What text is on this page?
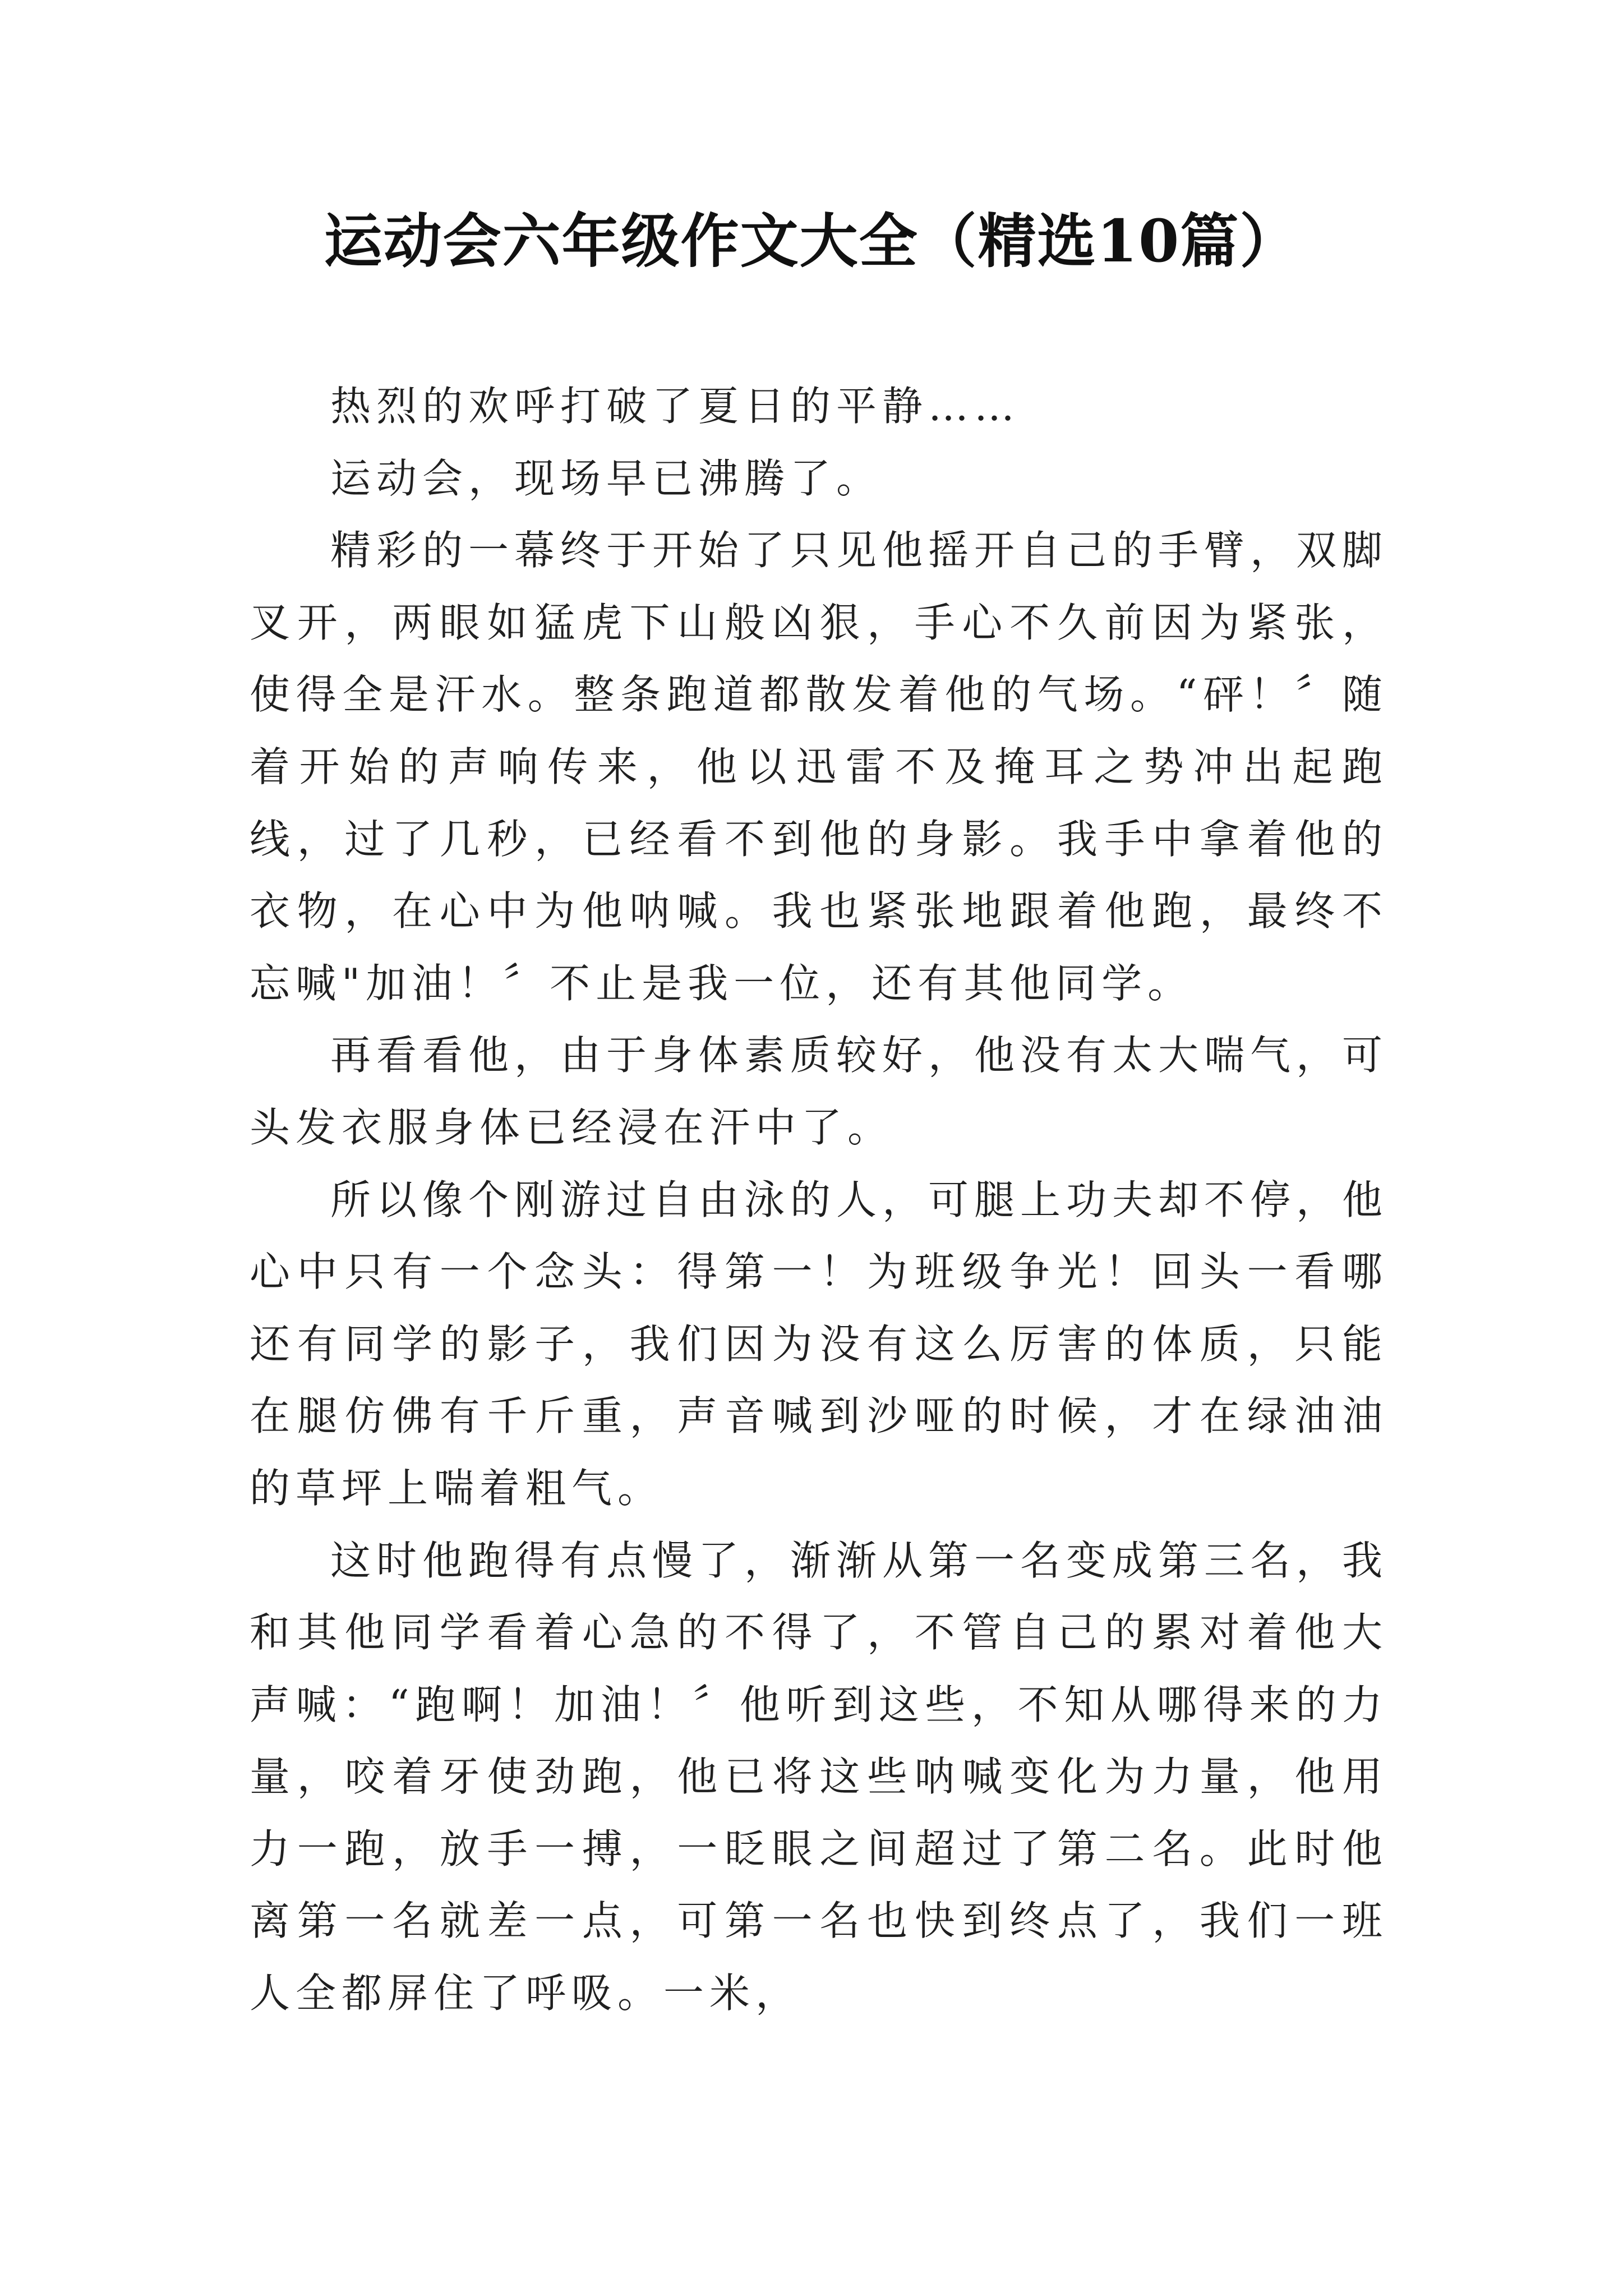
运动会六年级作文大全（精选10篇）

热烈的欢呼打破了夏日的平静……

运动会，现场早已沸腾了。

精彩的一幕终于开始了只见他摇开自己的手臂，双脚叉开，两眼如猛虎下山般凶狠，手心不久前因为紧张，使得全是汗水。整条跑道都散发着他的气场。“砰！〞随着开始的声响传来，他以迅雷不及掩耳之势冲出起跑线，过了几秒，已经看不到他的身影。我手中拿着他的衣物，在心中为他呐喊。我也紧张地跟着他跑，最终不忘喊"加油！〞不止是我一位，还有其他同学。

再看看他，由于身体素质较好，他没有太大喘气，可头发衣服身体已经浸在汗中了。

所以像个刚游过自由泳的人，可腿上功夫却不停，他心中只有一个念头：得第一！为班级争光！回头一看哪还有同学的影子，我们因为没有这么厉害的体质，只能在腿仿佛有千斤重，声音喊到沙哑的时候，才在绿油油的草坪上喘着粗气。

这时他跑得有点慢了，渐渐从第一名变成第三名，我和其他同学看着心急的不得了，不管自己的累对着他大声喊：“跑啊！加油！〞他听到这些，不知从哪得来的力量，咬着牙使劲跑，他已将这些呐喊变化为力量，他用力一跑，放手一搏，一眨眼之间超过了第二名。此时他离第一名就差一点，可第一名也快到终点了，我们一班人全都屏住了呼吸。一米，
